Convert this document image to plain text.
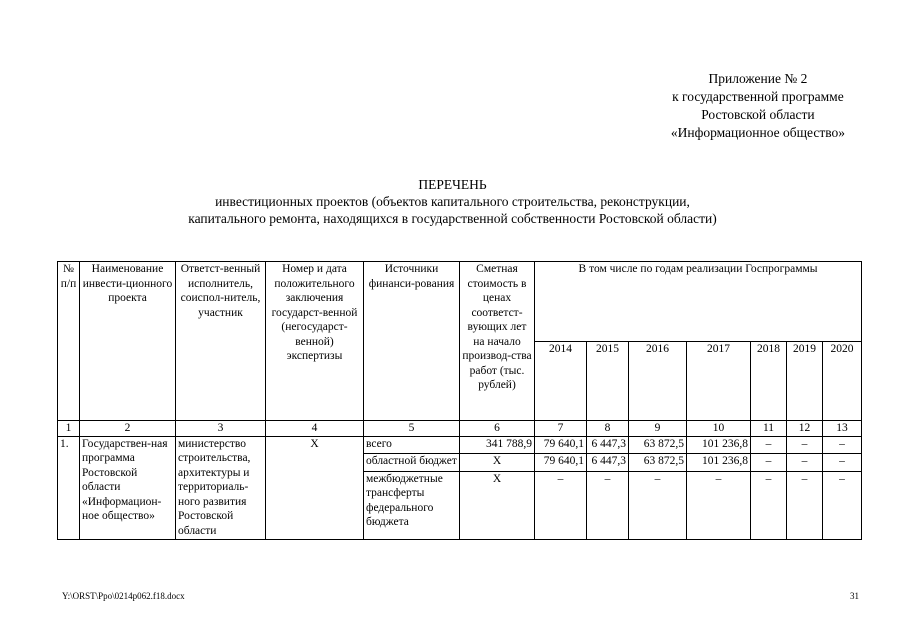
Приложение № 2
к государственной программе
Ростовской области
«Информационное общество»
ПЕРЕЧЕНЬ
инвестиционных проектов (объектов капитального строительства, реконструкции,
капитального ремонта, находящихся в государственной собственности Ростовской области)
№ п/п	Наименование инвести-ционного проекта	Ответст-венный исполнитель, соиспол-нитель, участник	Номер и дата положительного заключения государст-венной (негосударст-венной) экспертизы	Источники финанси-рования	Сметная стоимость в ценах соответст-вующих лет на начало производ-ства работ (тыс. рублей)	В том числе по годам реализации Госпрограммы						
						2014	2015	2016	2017	2018	2019	2020
1	2	3	4	5	6	7	8	9	10	11	12	13
1.	Государствен-ная программа Ростовской области «Информацион-ное общество»	министерство строительства, архитектуры и территориаль-ного развития Ростовской области	Х	всего	341 788,9	79 640,1	6 447,3	63 872,5	101 236,8	–	–	–
				областной бюджет	Х	79 640,1	6 447,3	63 872,5	101 236,8	–	–	–
				межбюджетные трансферты федерального бюджета	Х	–	–	–	–	–	–	–
Y:\ORST\Ppo\0214p062.f18.docx	31
